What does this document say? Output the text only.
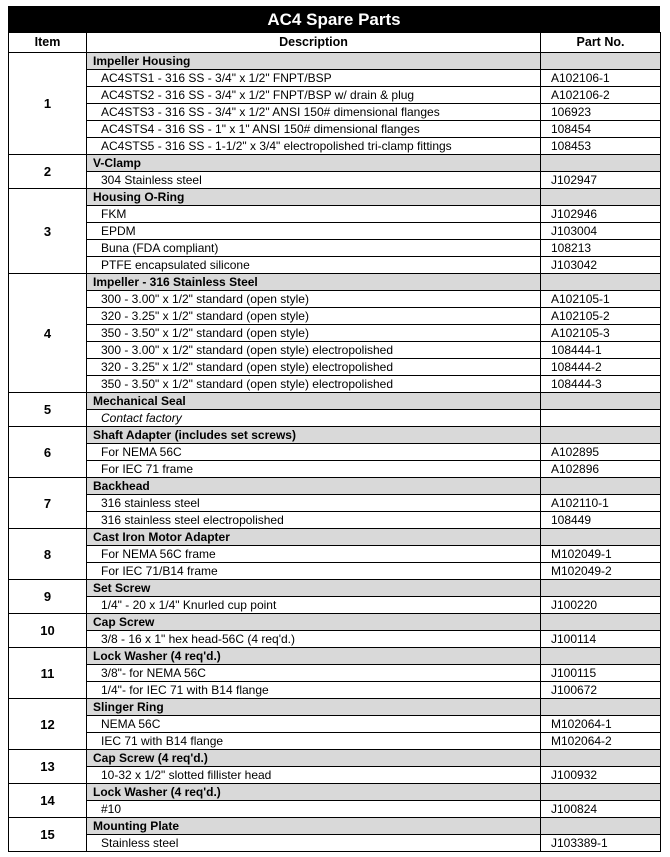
AC4 Spare Parts
Item	Description	Part No.
1	Impeller Housing	
	AC4STS1 - 316 SS - 3/4" x 1/2" FNPT/BSP	A102106-1
	AC4STS2 - 316 SS - 3/4" x 1/2" FNPT/BSP w/ drain & plug	A102106-2
	AC4STS3 - 316 SS - 3/4" x 1/2" ANSI 150# dimensional flanges	106923
	AC4STS4 - 316 SS - 1" x 1" ANSI 150# dimensional flanges	108454
	AC4STS5 - 316 SS - 1-1/2" x 3/4" electropolished tri-clamp fittings	108453
2	V-Clamp	
	304 Stainless steel	J102947
3	Housing O-Ring	
	FKM	J102946
	EPDM	J103004
	Buna (FDA compliant)	108213
	PTFE encapsulated silicone	J103042
4	Impeller - 316 Stainless Steel	
	300 - 3.00" x 1/2" standard (open style)	A102105-1
	320 - 3.25" x 1/2" standard (open style)	A102105-2
	350 - 3.50" x 1/2" standard (open style)	A102105-3
	300 - 3.00" x 1/2" standard (open style) electropolished	108444-1
	320 - 3.25" x 1/2" standard (open style) electropolished	108444-2
	350 - 3.50" x 1/2" standard (open style) electropolished	108444-3
5	Mechanical Seal	
	Contact factory	
6	Shaft Adapter (includes set screws)	
	For NEMA 56C	A102895
	For IEC 71 frame	A102896
7	Backhead	
	316 stainless steel	A102110-1
	316 stainless steel electropolished	108449
8	Cast Iron Motor Adapter	
	For NEMA 56C frame	M102049-1
	For IEC 71/B14 frame	M102049-2
9	Set Screw	
	1/4" - 20 x 1/4" Knurled cup point	J100220
10	Cap Screw	
	3/8 - 16 x 1" hex head-56C (4 req'd.)	J100114
11	Lock Washer (4 req'd.)	
	3/8"- for NEMA 56C	J100115
	1/4"- for IEC 71 with B14 flange	J100672
12	Slinger Ring	
	NEMA 56C	M102064-1
	IEC 71 with B14 flange	M102064-2
13	Cap Screw (4 req'd.)	
	10-32 x 1/2" slotted fillister head	J100932
14	Lock Washer (4 req'd.)	
	#10	J100824
15	Mounting Plate	
	Stainless steel	J103389-1
